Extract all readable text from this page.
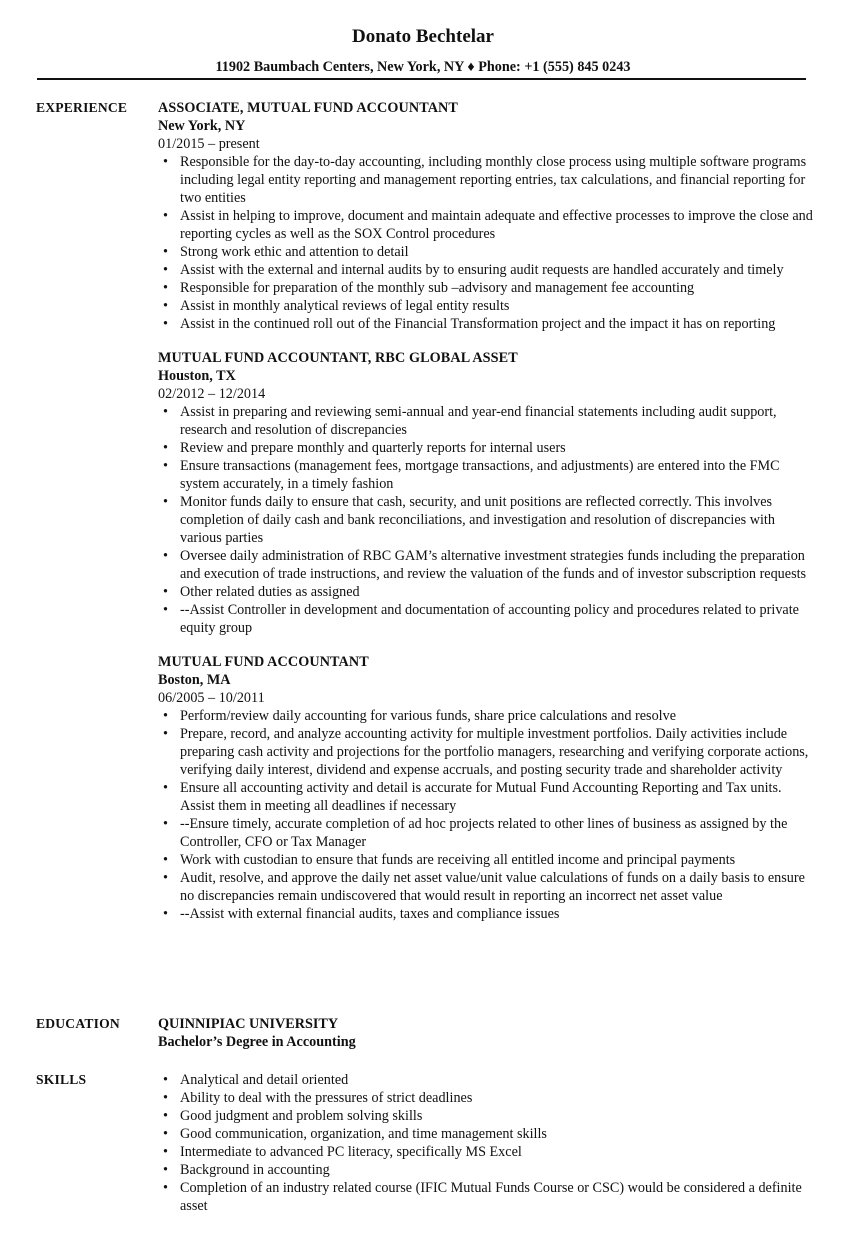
Donato Bechtelar
11902 Baumbach Centers, New York, NY ♦ Phone: +1 (555) 845 0243
EXPERIENCE ASSOCIATE, MUTUAL FUND ACCOUNTANT
New York, NY
01/2015 – present
• Responsible for the day-to-day accounting, including monthly close process using multiple software programs including legal entity reporting and management reporting entries, tax calculations, and financial reporting for two entities
• Assist in helping to improve, document and maintain adequate and effective processes to improve the close and reporting cycles as well as the SOX Control procedures
• Strong work ethic and attention to detail
• Assist with the external and internal audits by to ensuring audit requests are handled accurately and timely
• Responsible for preparation of the monthly sub –advisory and management fee accounting
• Assist in monthly analytical reviews of legal entity results
• Assist in the continued roll out of the Financial Transformation project and the impact it has on reporting
MUTUAL FUND ACCOUNTANT, RBC GLOBAL ASSET
Houston, TX
02/2012 – 12/2014
• Assist in preparing and reviewing semi-annual and year-end financial statements including audit support, research and resolution of discrepancies
• Review and prepare monthly and quarterly reports for internal users
• Ensure transactions (management fees, mortgage transactions, and adjustments) are entered into the FMC system accurately, in a timely fashion
• Monitor funds daily to ensure that cash, security, and unit positions are reflected correctly. This involves completion of daily cash and bank reconciliations, and investigation and resolution of discrepancies with various parties
• Oversee daily administration of RBC GAM’s alternative investment strategies funds including the preparation and execution of trade instructions, and review the valuation of the funds and of investor subscription requests
• Other related duties as assigned
• --Assist Controller in development and documentation of accounting policy and procedures related to private equity group
MUTUAL FUND ACCOUNTANT
Boston, MA
06/2005 – 10/2011
• Perform/review daily accounting for various funds, share price calculations and resolve
• Prepare, record, and analyze accounting activity for multiple investment portfolios. Daily activities include preparing cash activity and projections for the portfolio managers, researching and verifying corporate actions, verifying daily interest, dividend and expense accruals, and posting security trade and shareholder activity
• Ensure all accounting activity and detail is accurate for Mutual Fund Accounting Reporting and Tax units. Assist them in meeting all deadlines if necessary
• --Ensure timely, accurate completion of ad hoc projects related to other lines of business as assigned by the Controller, CFO or Tax Manager
• Work with custodian to ensure that funds are receiving all entitled income and principal payments
• Audit, resolve, and approve the daily net asset value/unit value calculations of funds on a daily basis to ensure no discrepancies remain undiscovered that would result in reporting an incorrect net asset value
• --Assist with external financial audits, taxes and compliance issues
EDUCATION	QUINNIPIAC UNIVERSITY
Bachelor’s Degree in Accounting
SKILLS	• Analytical and detail oriented
• Ability to deal with the pressures of strict deadlines
• Good judgment and problem solving skills
• Good communication, organization, and time management skills
• Intermediate to advanced PC literacy, specifically MS Excel
• Background in accounting
• Completion of an industry related course (IFIC Mutual Funds Course or CSC) would be considered a definite asset
